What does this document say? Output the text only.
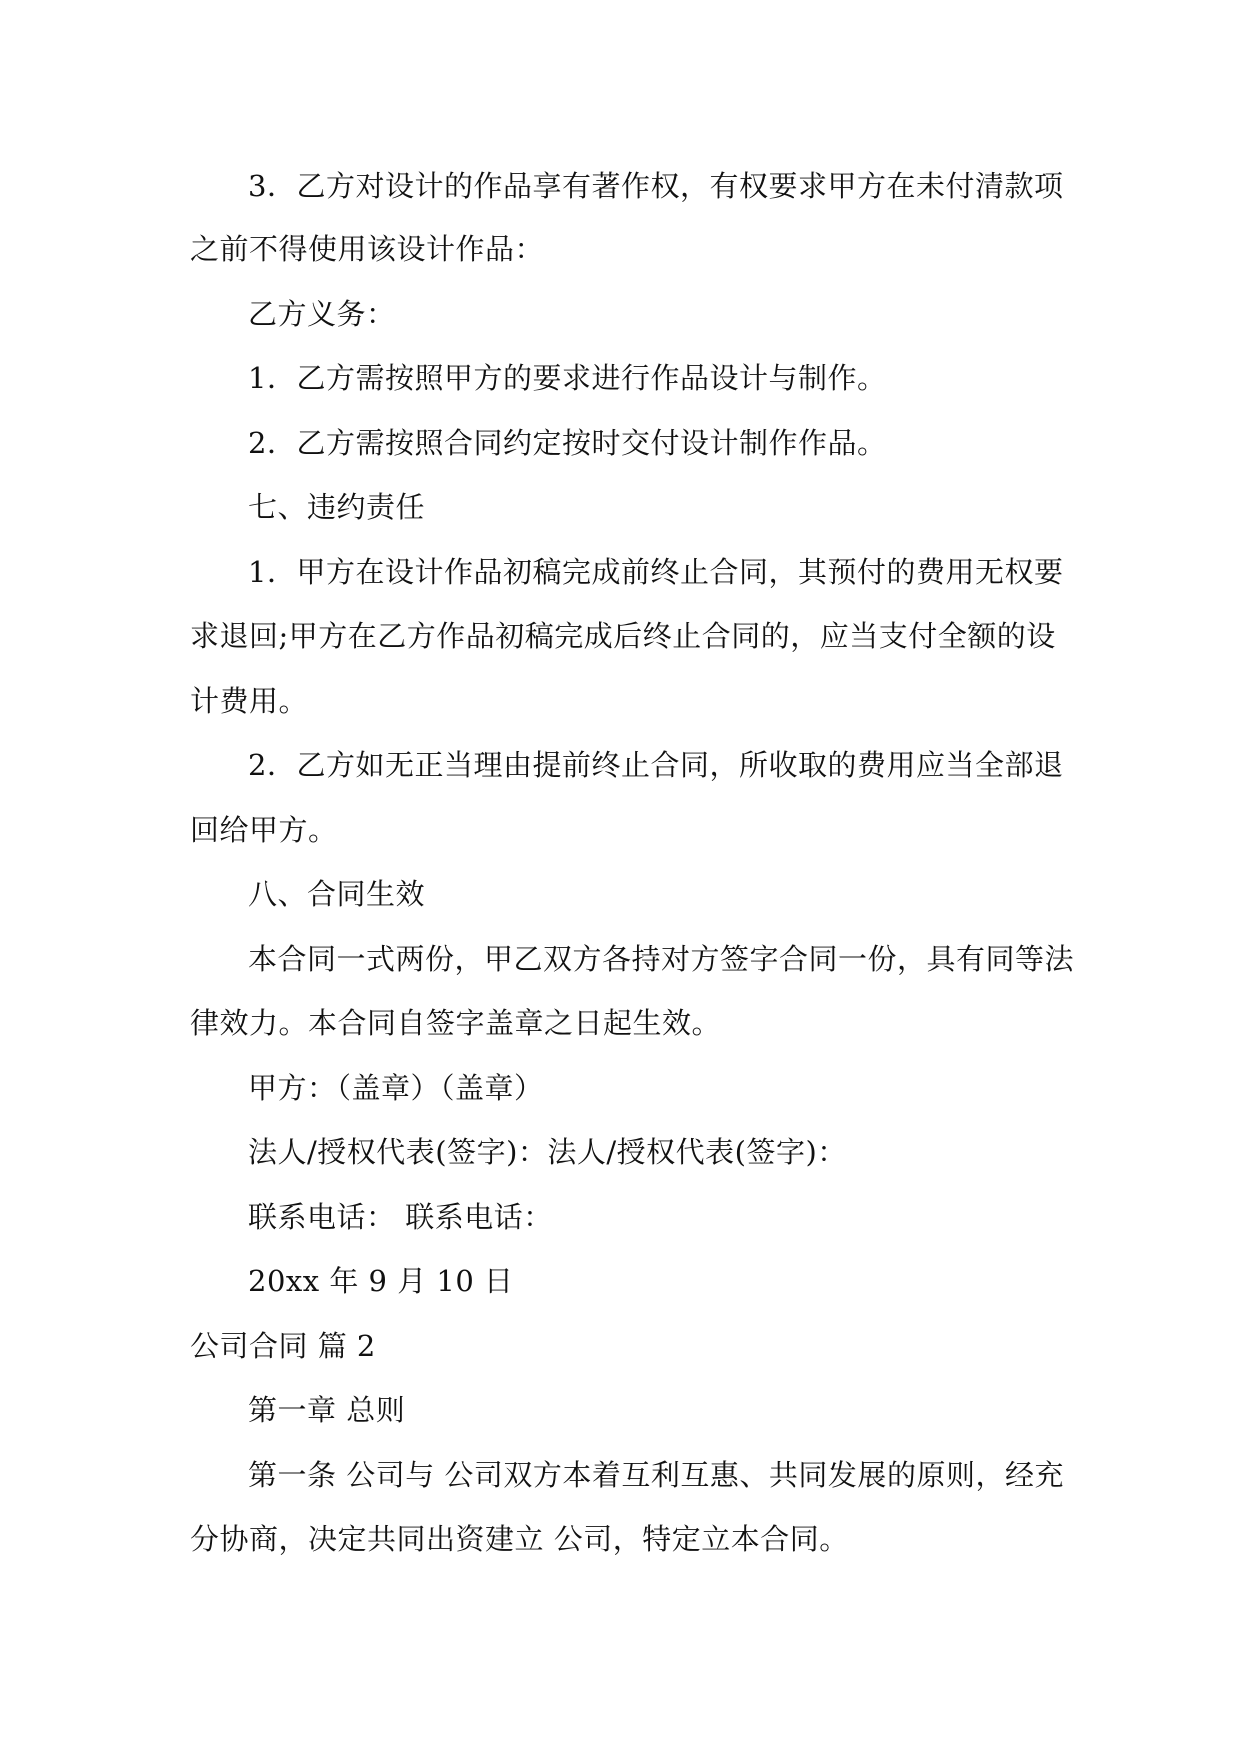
3．乙方对设计的作品享有著作权，有权要求甲方在未付清款项
之前不得使用该设计作品：
乙方义务：
1．乙方需按照甲方的要求进行作品设计与制作。
2．乙方需按照合同约定按时交付设计制作作品。
七、违约责任
1．甲方在设计作品初稿完成前终止合同，其预付的费用无权要
求退回;甲方在乙方作品初稿完成后终止合同的，应当支付全额的设
计费用。
2．乙方如无正当理由提前终止合同，所收取的费用应当全部退
回给甲方。
八、合同生效
本合同一式两份，甲乙双方各持对方签字合同一份，具有同等法
律效力。本合同自签字盖章之日起生效。
甲方：（盖章）（盖章）
法人/授权代表(签字)：法人/授权代表(签字)：
联系电话： 联系电话：
20xx 年 9 月 10 日
公司合同 篇 2
第一章 总则
第一条 公司与 公司双方本着互利互惠、共同发展的原则，经充
分协商，决定共同出资建立 公司，特定立本合同。
